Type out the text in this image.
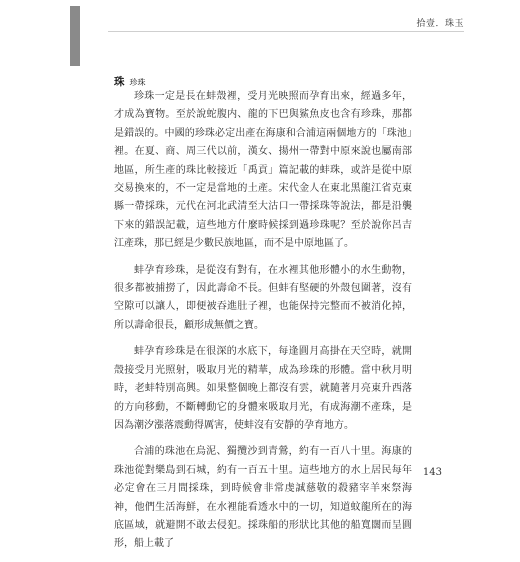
拾壹．珠玉
珠 珍珠

珍珠一定是長在蚌殼裡，受月光映照而孕育出來，經過多年，才成為寶物。至於說蛇腹内、龍的下巴與鯊魚皮也含有珍珠，那都是錯誤的。中國的珍珠必定出產在海康和合浦這兩個地方的「珠池」裡。在夏、商、周三代以前，漢女、揚州一帶對中原來說也屬南部地區，所生產的珠比較接近「禹貢」篇記載的蚌珠，或許是從中原交易換來的，不一定是當地的土產。宋代金人在東北黑龍江省克東縣一帶採珠，元代在河北武清至大沽口一帶採珠等說法，都是沿襲下來的錯誤記載，這些地方什麼時候採到過珍珠呢？至於說你呂吉江產珠，那已經是少數民族地區，而不是中原地區了。

蚌孕育珍珠，是從沒有對有，在水裡其他形體小的水生動物，很多都被捕撈了，因此壽命不長。但蚌有堅硬的外殼包圍著，沒有空隙可以讓人，即便被吞進肚子裡，也能保持完整而不被消化掉，所以壽命很長，顧形成無價之寶。

蚌孕育珍珠是在很深的水底下，每逢圓月高掛在天空時，就開殼接受月光照射，吸取月光的精華，成為珍珠的形體。當中秋月明時，老蚌特別高興。如果整個晚上都沒有雲，就隨著月亮東升西落的方向移動，不斷轉動它的身體來吸取月光，有成海潮不產珠，是因為潮汐漲落震動得厲害，使蚌沒有安靜的孕育地方。

合浦的珠池在烏泥、獨攬沙到青鶯，約有一百八十里。海康的珠池從對樂島到石城，約有一百五十里。這些地方的水上居民每年必定會在三月間採珠，到時候會非常虔誠慈敬的殺豬宰羊來祭海神，他們生活海鮮，在水裡能看透水中的一切，知道蚊龍所在的海底區域，就避開不敢去侵犯。採珠船的形狀比其他的船寬闊而呈圓形，船上載了

143
